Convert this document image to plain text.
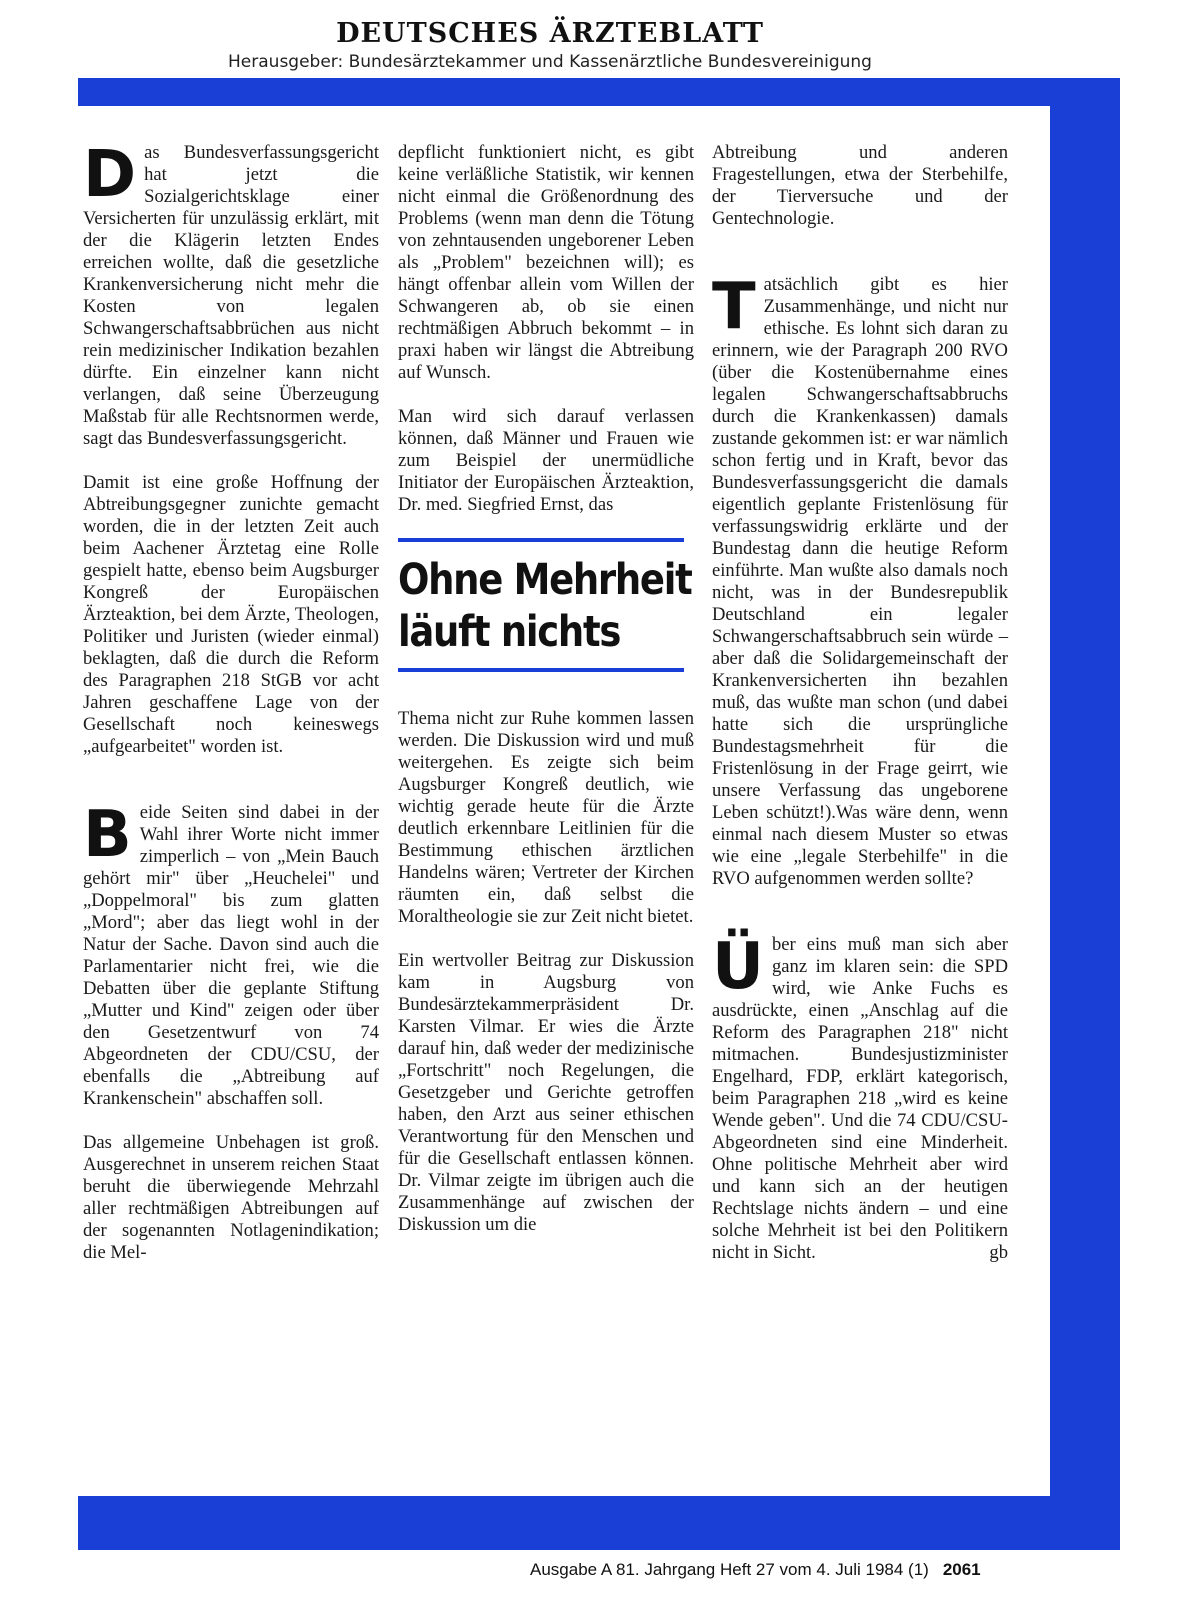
DEUTSCHES ÄRZTEBLATT
Herausgeber: Bundesärztekammer und Kassenärztliche Bundesvereinigung

Das Bundesverfassungsgericht hat jetzt die Sozialgerichtsklage einer Versicherten für unzulässig erklärt, mit der die Klägerin letzten Endes erreichen wollte, daß die gesetzliche Krankenversicherung nicht mehr die Kosten von legalen Schwangerschaftsabbrüchen aus nicht rein medizinischer Indikation bezahlen dürfte. Ein einzelner kann nicht verlangen, daß seine Überzeugung Maßstab für alle Rechtsnormen werde, sagt das Bundesverfassungsgericht.

Damit ist eine große Hoffnung der Abtreibungsgegner zunichte gemacht worden, die in der letzten Zeit auch beim Aachener Ärztetag eine Rolle gespielt hatte, ebenso beim Augsburger Kongreß der Europäischen Ärzteaktion, bei dem Ärzte, Theologen, Politiker und Juristen (wieder einmal) beklagten, daß die durch die Reform des Paragraphen 218 StGB vor acht Jahren geschaffene Lage von der Gesellschaft noch keineswegs „aufgearbeitet" worden ist.

Beide Seiten sind dabei in der Wahl ihrer Worte nicht immer zimperlich – von „Mein Bauch gehört mir" über „Heuchelei" und „Doppelmoral" bis zum glatten „Mord"; aber das liegt wohl in der Natur der Sache. Davon sind auch die Parlamentarier nicht frei, wie die Debatten über die geplante Stiftung „Mutter und Kind" zeigen oder über den Gesetzentwurf von 74 Abgeordneten der CDU/CSU, der ebenfalls die „Abtreibung auf Krankenschein" abschaffen soll.

Das allgemeine Unbehagen ist groß. Ausgerechnet in unserem reichen Staat beruht die überwiegende Mehrzahl aller rechtmäßigen Abtreibungen auf der sogenannten Notlagenindikation; die Mel-

depflicht funktioniert nicht, es gibt keine verläßliche Statistik, wir kennen nicht einmal die Größenordnung des Problems (wenn man denn die Tötung von zehntausenden ungeborener Leben als „Problem" bezeichnen will); es hängt offenbar allein vom Willen der Schwangeren ab, ob sie einen rechtmäßigen Abbruch bekommt – in praxi haben wir längst die Abtreibung auf Wunsch.

Man wird sich darauf verlassen können, daß Männer und Frauen wie zum Beispiel der unermüdliche Initiator der Europäischen Ärzteaktion, Dr. med. Siegfried Ernst, das

Ohne Mehrheit
läuft nichts

Thema nicht zur Ruhe kommen lassen werden. Die Diskussion wird und muß weitergehen. Es zeigte sich beim Augsburger Kongreß deutlich, wie wichtig gerade heute für die Ärzte deutlich erkennbare Leitlinien für die Bestimmung ethischen ärztlichen Handelns wären; Vertreter der Kirchen räumten ein, daß selbst die Moraltheologie sie zur Zeit nicht bietet.

Ein wertvoller Beitrag zur Diskussion kam in Augsburg von Bundesärztekammerpräsident Dr. Karsten Vilmar. Er wies die Ärzte darauf hin, daß weder der medizinische „Fortschritt" noch Regelungen, die Gesetzgeber und Gerichte getroffen haben, den Arzt aus seiner ethischen Verantwortung für den Menschen und für die Gesellschaft entlassen können. Dr. Vilmar zeigte im übrigen auch die Zusammenhänge auf zwischen der Diskussion um die

Abtreibung und anderen Fragestellungen, etwa der Sterbehilfe, der Tierversuche und der Gentechnologie.

Tatsächlich gibt es hier Zusammenhänge, und nicht nur ethische. Es lohnt sich daran zu erinnern, wie der Paragraph 200 RVO (über die Kostenübernahme eines legalen Schwangerschaftsabbruchs durch die Krankenkassen) damals zustande gekommen ist: er war nämlich schon fertig und in Kraft, bevor das Bundesverfassungsgericht die damals eigentlich geplante Fristenlösung für verfassungswidrig erklärte und der Bundestag dann die heutige Reform einführte. Man wußte also damals noch nicht, was in der Bundesrepublik Deutschland ein legaler Schwangerschaftsabbruch sein würde – aber daß die Solidargemeinschaft der Krankenversicherten ihn bezahlen muß, das wußte man schon (und dabei hatte sich die ursprüngliche Bundestagsmehrheit für die Fristenlösung in der Frage geirrt, wie unsere Verfassung das ungeborene Leben schützt!).Was wäre denn, wenn einmal nach diesem Muster so etwas wie eine „legale Sterbehilfe" in die RVO aufgenommen werden sollte?

Über eins muß man sich aber ganz im klaren sein: die SPD wird, wie Anke Fuchs es ausdrückte, einen „Anschlag auf die Reform des Paragraphen 218" nicht mitmachen. Bundesjustizminister Engelhard, FDP, erklärt kategorisch, beim Paragraphen 218 „wird es keine Wende geben". Und die 74 CDU/CSU-Abgeordneten sind eine Minderheit. Ohne politische Mehrheit aber wird und kann sich an der heutigen Rechtslage nichts ändern – und eine solche Mehrheit ist bei den Politikern nicht in Sicht.	gb

Ausgabe A 81. Jahrgang Heft 27 vom 4. Juli 1984 (1) 2061
